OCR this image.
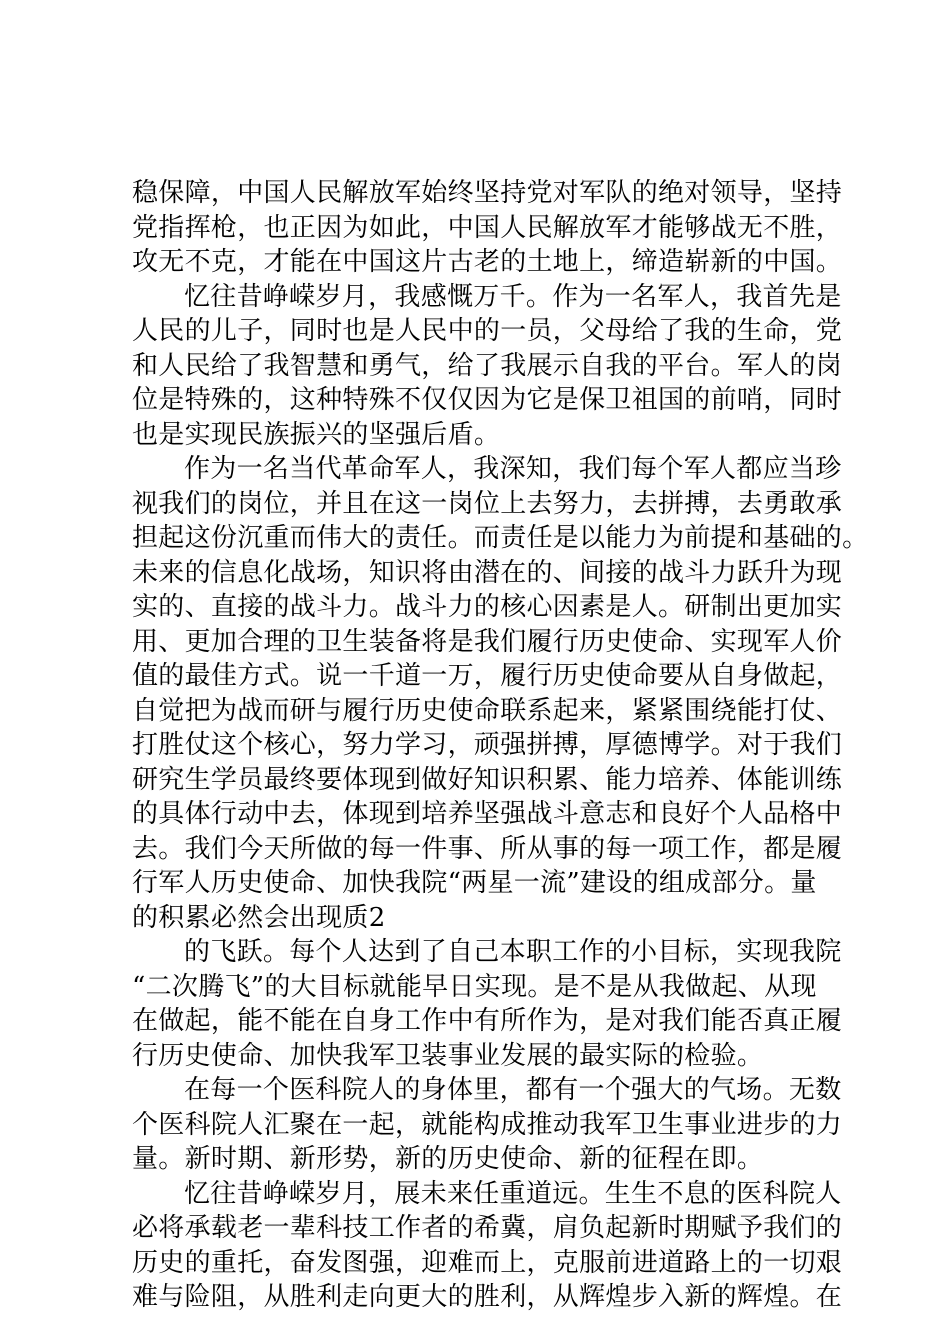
稳保障，中国人民解放军始终坚持党对军队的绝对领导，坚持
党指挥枪，也正因为如此，中国人民解放军才能够战无不胜，
攻无不克，才能在中国这片古老的土地上，缔造崭新的中国。
忆往昔峥嵘岁月，我感慨万千。作为一名军人，我首先是
人民的儿子，同时也是人民中的一员，父母给了我的生命，党
和人民给了我智慧和勇气，给了我展示自我的平台。军人的岗
位是特殊的，这种特殊不仅仅因为它是保卫祖国的前哨，同时
也是实现民族振兴的坚强后盾。
作为一名当代革命军人，我深知，我们每个军人都应当珍
视我们的岗位，并且在这一岗位上去努力，去拼搏，去勇敢承
担起这份沉重而伟大的责任。而责任是以能力为前提和基础的。
未来的信息化战场，知识将由潜在的、间接的战斗力跃升为现
实的、直接的战斗力。战斗力的核心因素是人。研制出更加实
用、更加合理的卫生装备将是我们履行历史使命、实现军人价
值的最佳方式。说一千道一万，履行历史使命要从自身做起，
自觉把为战而研与履行历史使命联系起来，紧紧围绕能打仗、
打胜仗这个核心，努力学习，顽强拼搏，厚德博学。对于我们
研究生学员最终要体现到做好知识积累、能力培养、体能训练
的具体行动中去，体现到培养坚强战斗意志和良好个人品格中
去。我们今天所做的每一件事、所从事的每一项工作，都是履
行军人历史使命、加快我院“两星一流”建设的组成部分。量
的积累必然会出现质2
的飞跃。每个人达到了自己本职工作的小目标，实现我院
“二次腾飞”的大目标就能早日实现。是不是从我做起、从现
在做起，能不能在自身工作中有所作为，是对我们能否真正履
行历史使命、加快我军卫装事业发展的最实际的检验。
在每一个医科院人的身体里，都有一个强大的气场。无数
个医科院人汇聚在一起，就能构成推动我军卫生事业进步的力
量。新时期、新形势，新的历史使命、新的征程在即。
忆往昔峥嵘岁月，展未来任重道远。生生不息的医科院人
必将承载老一辈科技工作者的希冀，肩负起新时期赋予我们的
历史的重托，奋发图强，迎难而上，克服前进道路上的一切艰
难与险阻，从胜利走向更大的胜利，从辉煌步入新的辉煌。在
